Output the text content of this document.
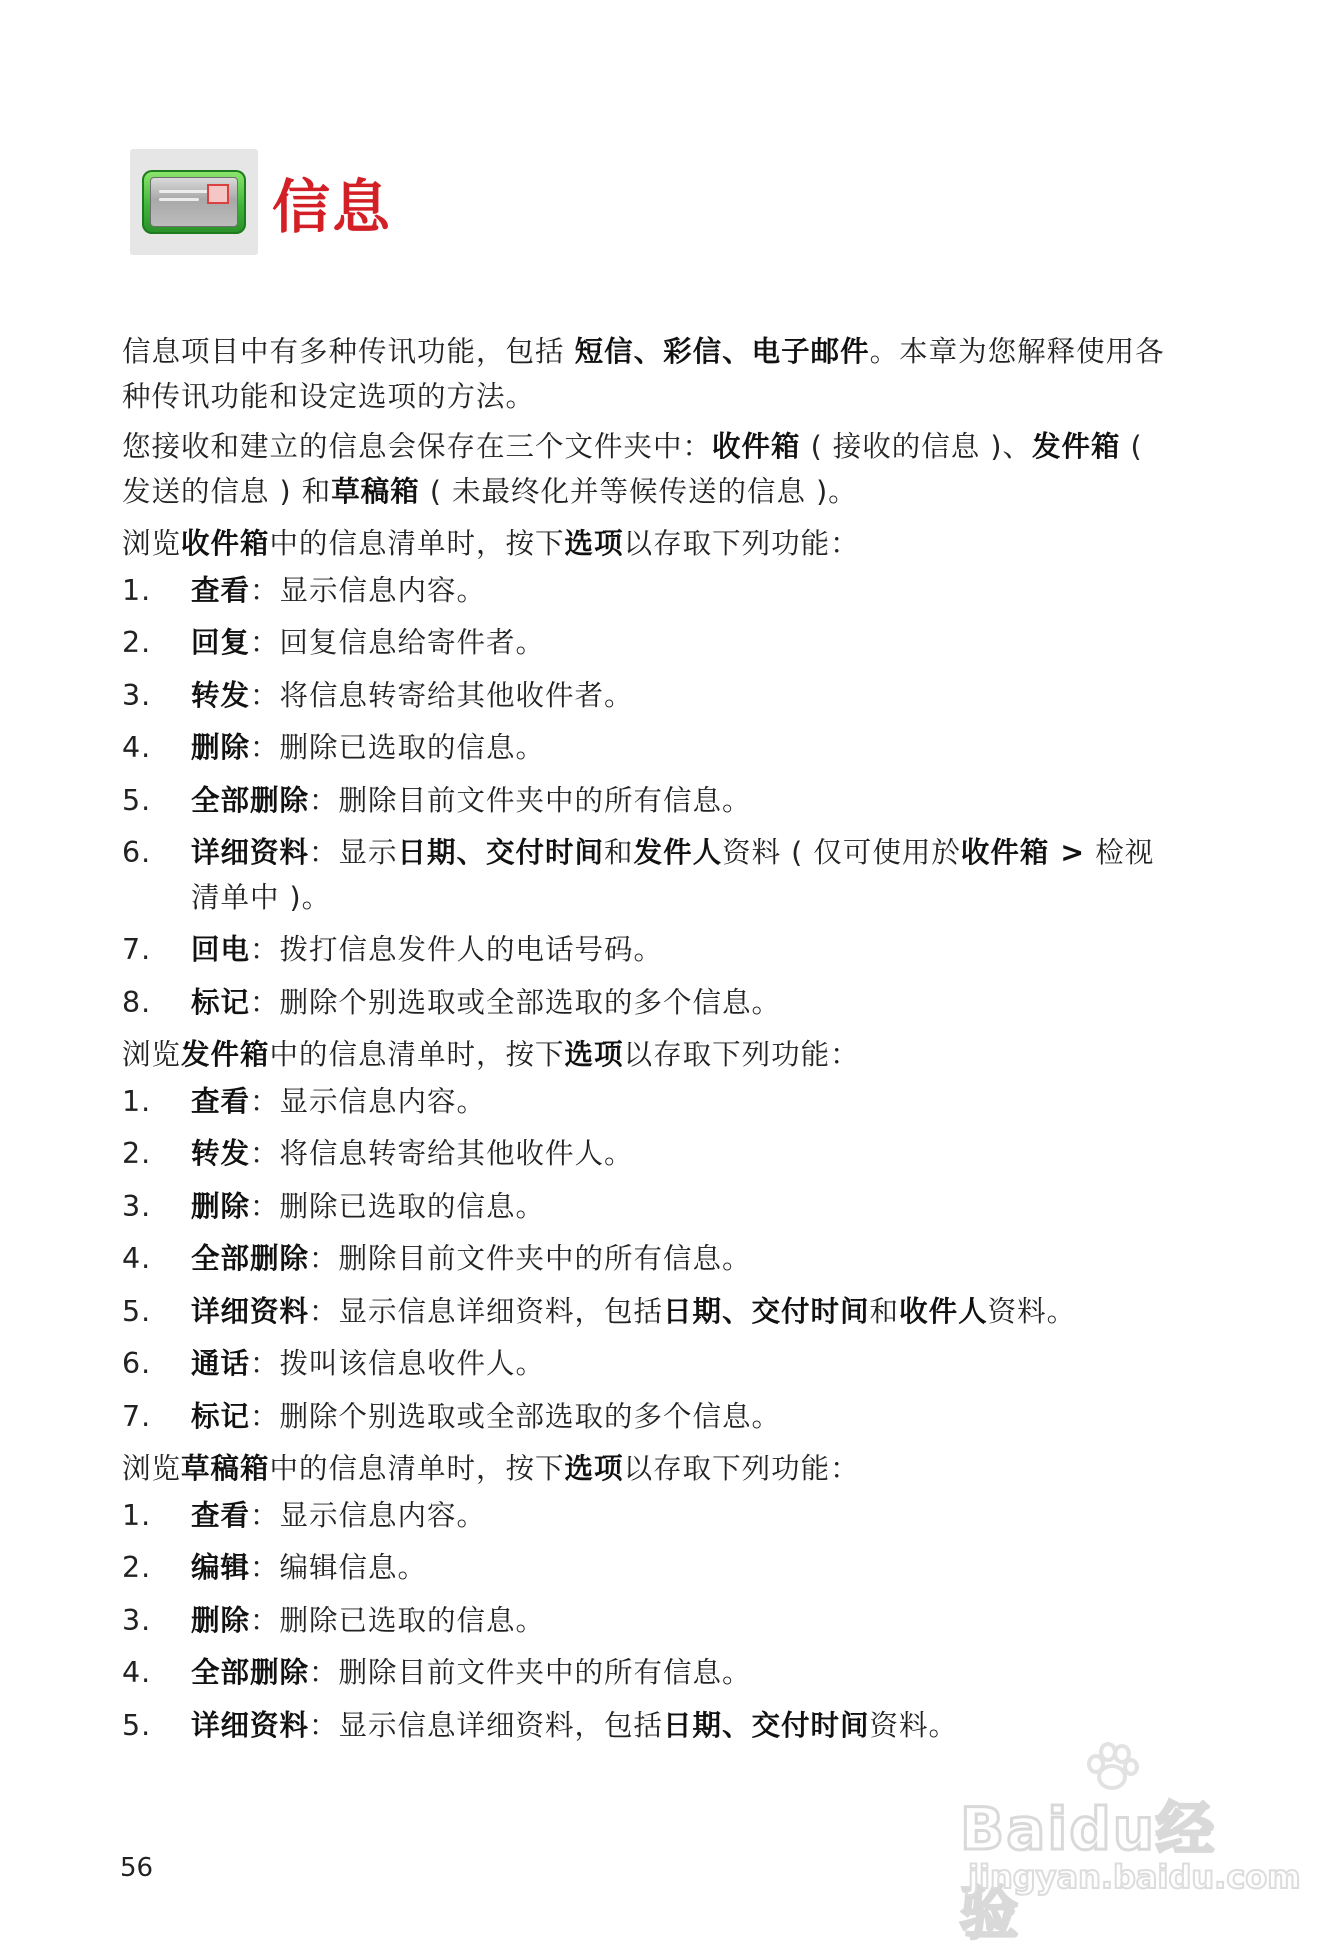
信息
信息项目中有多种传讯功能，包括 短信、彩信、电子邮件。本章为您解释使用各种传讯功能和设定选项的方法。
您接收和建立的信息会保存在三个文件夹中：收件箱 ( 接收的信息 )、发件箱 ( 发送的信息 ) 和草稿箱 ( 未最终化并等候传送的信息 )。
浏览收件箱中的信息清单时，按下选项以存取下列功能：
1. 查看：显示信息内容。
2. 回复：回复信息给寄件者。
3. 转发：将信息转寄给其他收件者。
4. 删除：删除已选取的信息。
5. 全部删除：删除目前文件夹中的所有信息。
6. 详细资料：显示日期、交付时间和发件人资料 ( 仅可使用於收件箱 > 检视清单中 )。
7. 回电：拨打信息发件人的电话号码。
8. 标记：删除个别选取或全部选取的多个信息。
浏览发件箱中的信息清单时，按下选项以存取下列功能：
1. 查看：显示信息内容。
2. 转发：将信息转寄给其他收件人。
3. 删除：删除已选取的信息。
4. 全部删除：删除目前文件夹中的所有信息。
5. 详细资料：显示信息详细资料，包括日期、交付时间和收件人资料。
6. 通话：拨叫该信息收件人。
7. 标记：删除个别选取或全部选取的多个信息。
浏览草稿箱中的信息清单时，按下选项以存取下列功能：
1. 查看：显示信息内容。
2. 编辑：编辑信息。
3. 删除：删除已选取的信息。
4. 全部删除：删除目前文件夹中的所有信息。
5. 详细资料：显示信息详细资料，包括日期、交付时间资料。
56
Baidu经验
jingyan.baidu.com
